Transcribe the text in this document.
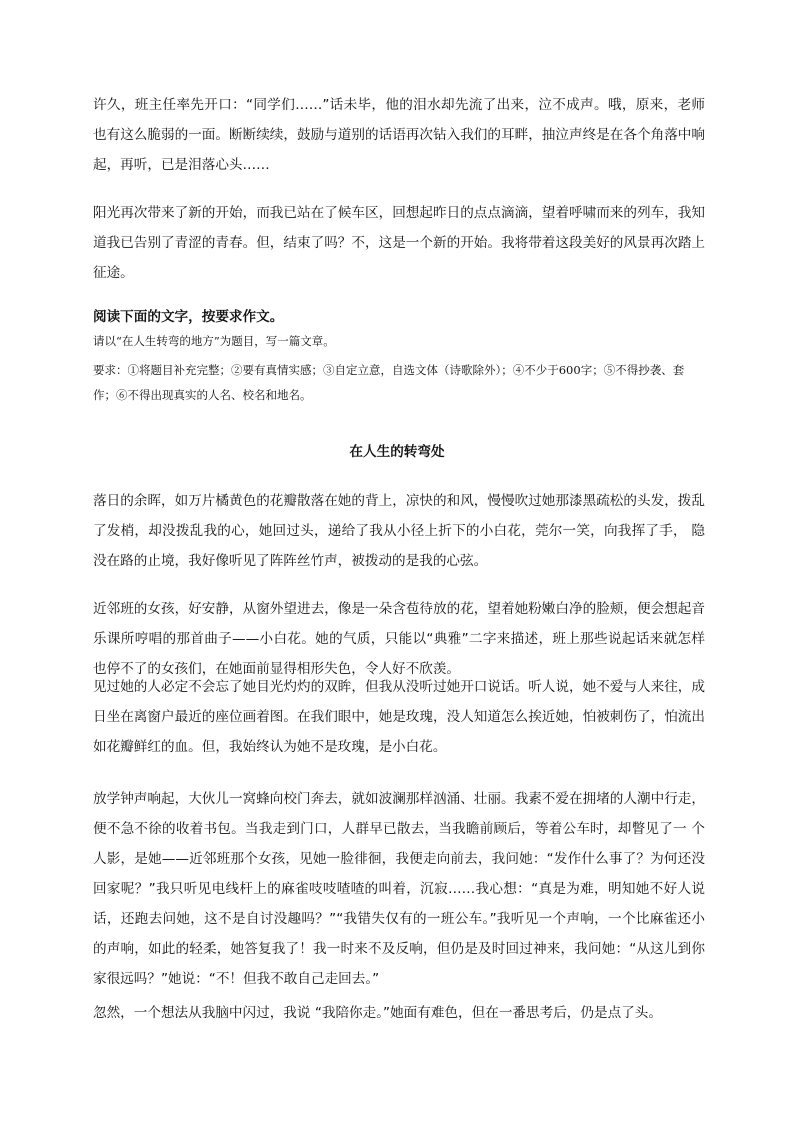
许久，班主任率先开口：“同学们……”话未毕，他的泪水却先流了出来，泣不成声。哦，原来，老师也有这么脆弱的一面。断断续续，鼓励与道别的话语再次钻入我们的耳畔，抽泣声终是在各个角落中响起，再听，已是泪落心头……

阳光再次带来了新的开始，而我已站在了候车区，回想起昨日的点点滴滴，望着呼啸而来的列车，我知道我已告别了青涩的青春。但，结束了吗？不，这是一个新的开始。我将带着这段美好的风景再次踏上征途。

阅读下面的文字，按要求作文。

请以“在人生转弯的地方”为题目，写一篇文章。

要求：①将题目补充完整；②要有真情实感；③自定立意，自选文体（诗歌除外）；④不少于600字；⑤不得抄袭、套作；⑥不得出现真实的人名、校名和地名。

在人生的转弯处

落日的余晖，如万片橘黄色的花瓣散落在她的背上，凉快的和风，慢慢吹过她那漆黑疏松的头发，拨乱了发梢，却没拨乱我的心，她回过头，递给了我从小径上折下的小白花，莞尔一笑，向我挥了手， 隐没在路的止境，我好像听见了阵阵丝竹声，被拨动的是我的心弦。

近邻班的女孩，好安静，从窗外望进去，像是一朵含苞待放的花，望着她粉嫩白净的脸颊，便会想起音乐课所哼唱的那首曲子——小白花。她的气质，只能以“典雅”二字来描述，班上那些说起话来就怎样也停不了的女孩们，在她面前显得相形失色，令人好不欣羡。

见过她的人必定不会忘了她目光灼灼的双眸，但我从没听过她开口说话。听人说，她不爱与人来往，成日坐在离窗户最近的座位画着图。在我们眼中，她是玫瑰，没人知道怎么挨近她，怕被刺伤了，怕流出如花瓣鲜红的血。但，我始终认为她不是玫瑰，是小白花。

放学钟声响起，大伙儿一窝蜂向校门奔去，就如波澜那样汹涌、壮丽。我素不爱在拥堵的人潮中行走，便不急不徐的收着书包。当我走到门口，人群早已散去，当我瞻前顾后，等着公车时，却瞥见了一 个人影，是她——近邻班那个女孩，见她一脸徘徊，我便走向前去，我问她：“发作什么事了？为何还没回家呢？”我只听见电线杆上的麻雀吱吱喳喳的叫着，沉寂……我心想：“真是为难，明知她不好人说话，还跑去问她，这不是自讨没趣吗？”“我错失仅有的一班公车。”我听见一个声响，一个比麻雀还小的声响，如此的轻柔，她答复我了！我一时来不及反响，但仍是及时回过神来，我问她：“从这儿到你家很远吗？”她说：“不！但我不敢自己走回去。”

忽然，一个想法从我脑中闪过，我说 “我陪你走。”她面有难色，但在一番思考后，仍是点了头。
